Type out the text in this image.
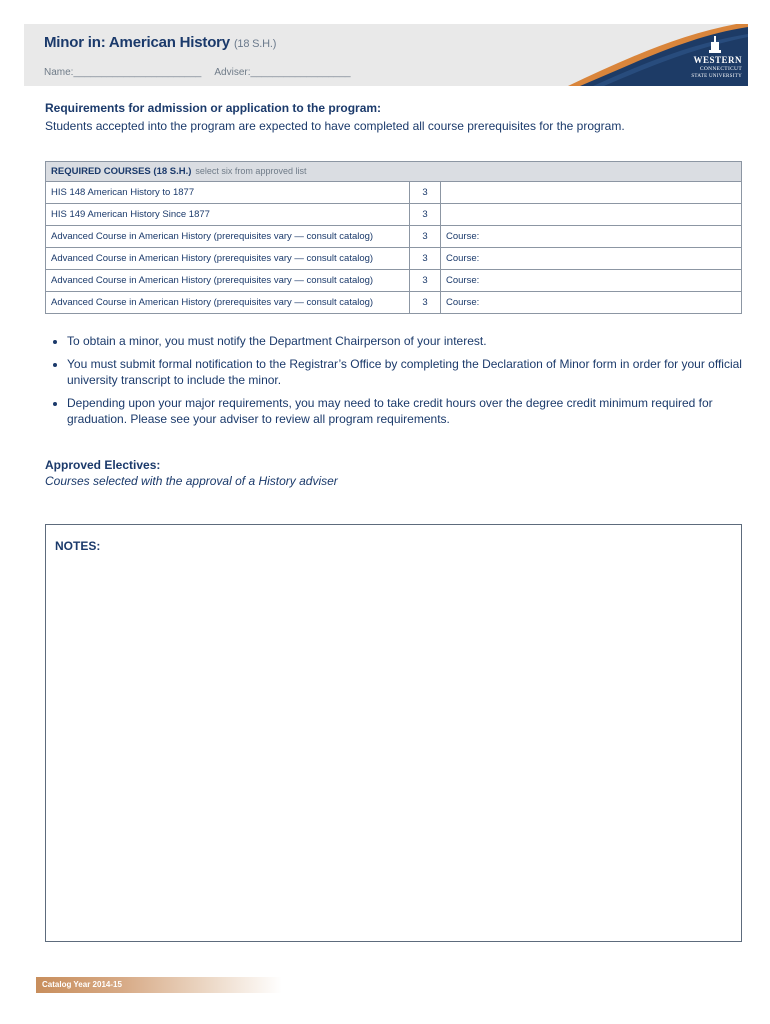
Minor in: American History (18 S.H.)
Name:_______________________ Adviser:__________________
WESTERN
CONNECTICUT
STATE UNIVERSITY
Requirements for admission or application to the program:
Students accepted into the program are expected to have completed all course prerequisites for the program.
REQUIRED COURSES (18 S.H.) select six from approved list		
HIS 148 American History to 1877	3	
HIS 149 American History Since 1877	3	
Advanced Course in American History (prerequisites vary — consult catalog)	3	Course:
Advanced Course in American History (prerequisites vary — consult catalog)	3	Course:
Advanced Course in American History (prerequisites vary — consult catalog)	3	Course:
Advanced Course in American History (prerequisites vary — consult catalog)	3	Course:
• To obtain a minor, you must notify the Department Chairperson of your interest.
• You must submit formal notification to the Registrar’s Office by completing the Declaration of Minor form in order for your official university transcript to include the minor.
• Depending upon your major requirements, you may need to take credit hours over the degree credit minimum required for graduation. Please see your adviser to review all program requirements.
Approved Electives:
Courses selected with the approval of a History adviser
NOTES:
Catalog Year 2014-15
